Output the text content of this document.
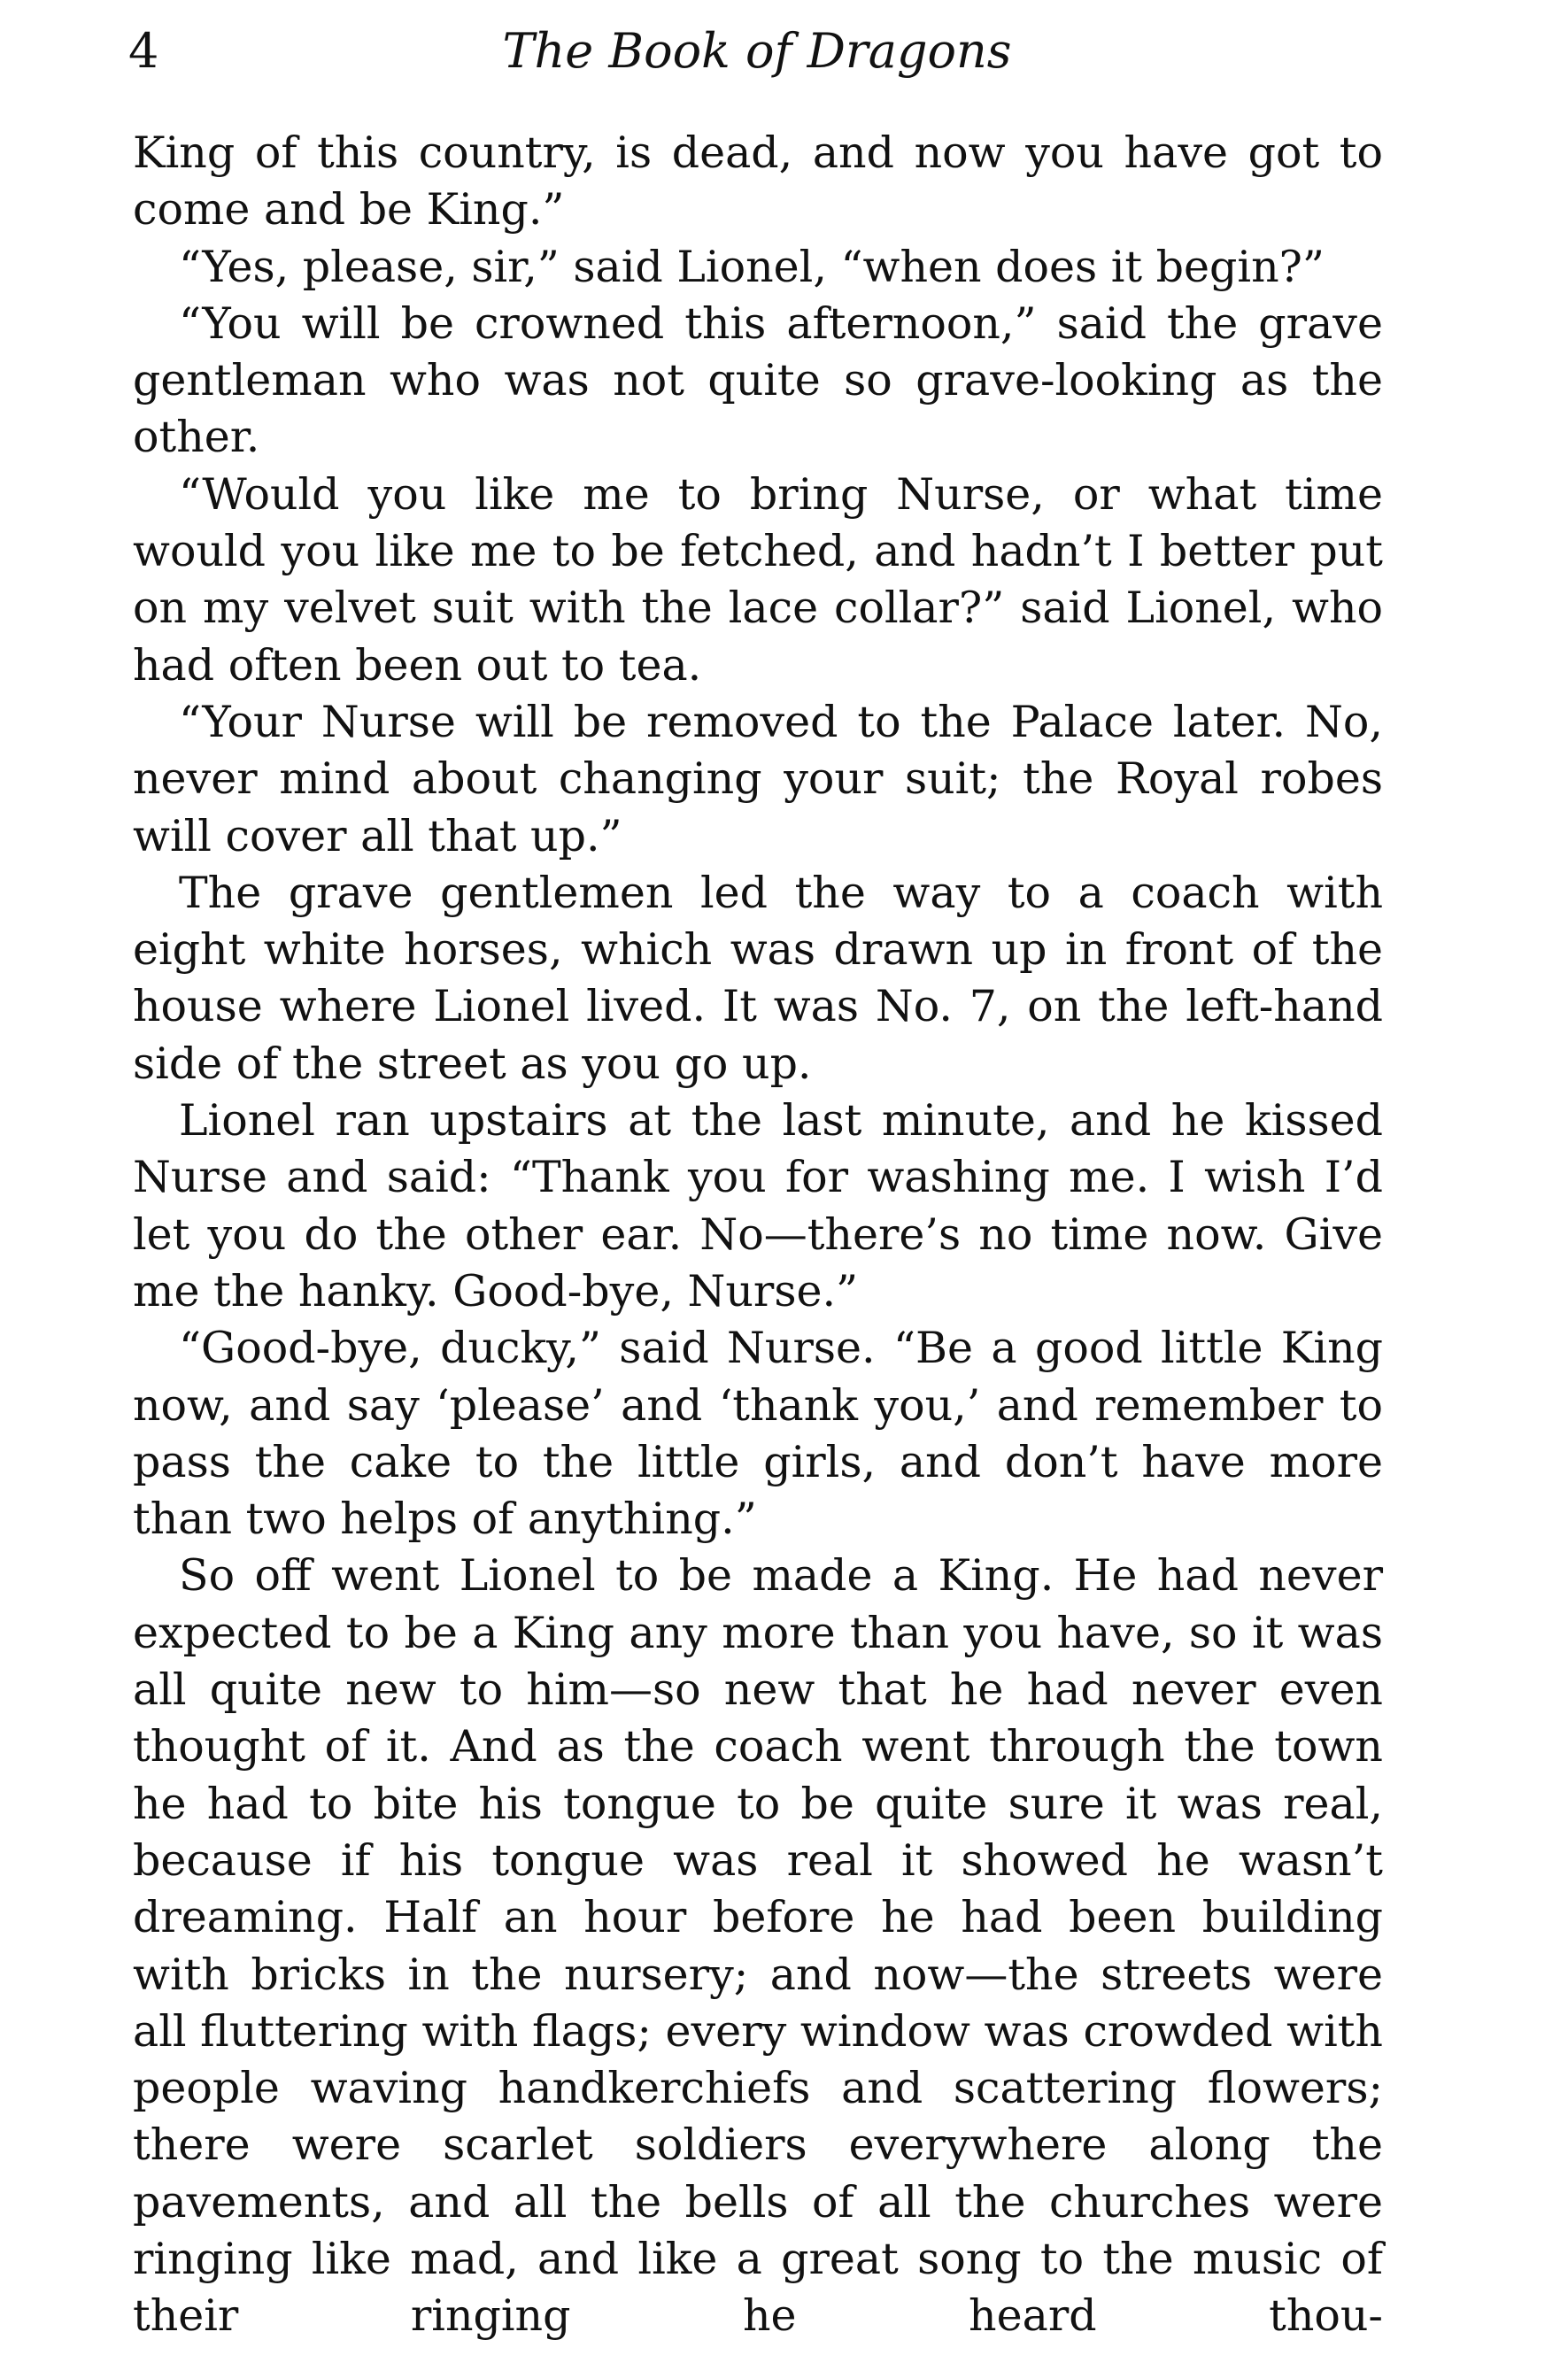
4	The Book of Dragons

King of this country, is dead, and now you have got to come and be King.”

“Yes, please, sir,” said Lionel, “when does it begin?”

“You will be crowned this afternoon,” said the grave gentleman who was not quite so grave-looking as the other.

“Would you like me to bring Nurse, or what time would you like me to be fetched, and hadn’t I better put on my velvet suit with the lace collar?” said Lionel, who had often been out to tea.

“Your Nurse will be removed to the Palace later. No, never mind about changing your suit; the Royal robes will cover all that up.”

The grave gentlemen led the way to a coach with eight white horses, which was drawn up in front of the house where Lionel lived. It was No. 7, on the left-hand side of the street as you go up.

Lionel ran upstairs at the last minute, and he kissed Nurse and said: “Thank you for washing me. I wish I’d let you do the other ear. No—there’s no time now. Give me the hanky. Good-bye, Nurse.”

“Good-bye, ducky,” said Nurse. “Be a good little King now, and say ‘please’ and ‘thank you,’ and remember to pass the cake to the little girls, and don’t have more than two helps of anything.”

So off went Lionel to be made a King. He had never expected to be a King any more than you have, so it was all quite new to him—so new that he had never even thought of it. And as the coach went through the town he had to bite his tongue to be quite sure it was real, because if his tongue was real it showed he wasn’t dreaming. Half an hour before he had been building with bricks in the nursery; and now—the streets were all fluttering with flags; every window was crowded with people waving handkerchiefs and scattering flowers; there were scarlet soldiers everywhere along the pavements, and all the bells of all the churches were ringing like mad, and like a great song to the music of their ringing he heard thou-
